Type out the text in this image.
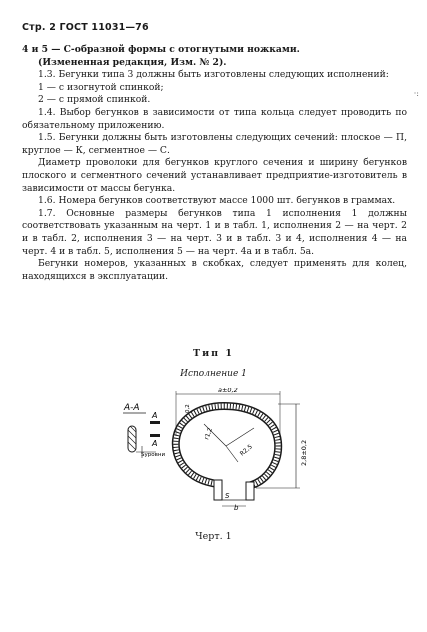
Стр. 2 ГОСТ 11031—76
·:

4 и 5 — С-образной формы с отогнутыми ножками.

(Измененная редакция, Изм. № 2).

1.3. Бегунки типа 3 должны быть изготовлены следующих исполнений:

1 — с изогнутой спинкой;

2 — с прямой спинкой.

1.4. Выбор бегунков в зависимости от типа кольца следует проводить по обязательному приложению.

1.5. Бегунки должны быть изготовлены следующих сечений: плоское — П, круглое — К, сегментное — С.

Диаметр проволоки для бегунков круглого сечения и ширину бегунков плоского и сегментного сечений устанавливает предприятие-изготовитель в зависимости от массы бегунка.

1.6. Номера бегунков соответствуют массе 1000 шт. бегунков в граммах.

1.7. Основные размеры бегунков типа 1 исполнения 1 должны соответствовать указанным на черт. 1 и в табл. 1, исполнения 2 — на черт. 2 и в табл. 2, исполнения 3 — на черт. 3 и в табл. 3 и 4, исполнения 4 — на черт. 4 и в табл. 5, исполнения 5 — на черт. 4а и в табл. 5а.

Бегунки номеров, указанных в скобках, следует применять для колец, находящихся в эксплуатации.

Тип 1
Исполнение 1
А-А
Sуровни
А
А
r1,2
R2,5
а±0,2
0,2
2,8±0,2
S
b
Черт. 1
